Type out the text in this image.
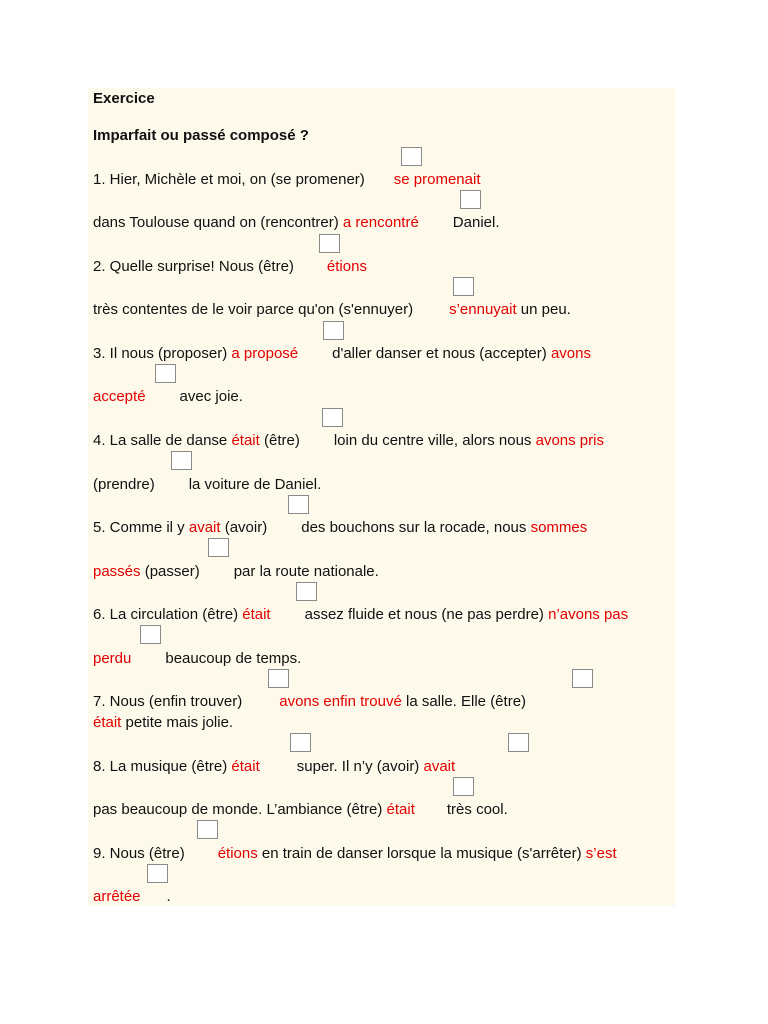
Exercice
Imparfait ou passé composé ?
1. Hier, Michèle et moi, on (se promener) se promenait
dans Toulouse quand on (rencontrer) a rencontré Daniel.
2. Quelle surprise! Nous (être) étions
très contentes de le voir parce qu'on (s'ennuyer) s’ennuyait un peu.
3. Il nous (proposer) a proposé d'aller danser et nous (accepter) avons
accepté avec joie.
4. La salle de danse était (être) loin du centre ville, alors nous avons pris
(prendre) la voiture de Daniel.
5. Comme il y avait (avoir) des bouchons sur la rocade, nous sommes
passés (passer) par la route nationale.
6. La circulation (être) était assez fluide et nous (ne pas perdre) n’avons pas
perdu beaucoup de temps.
7. Nous (enfin trouver) avons enfin trouvé la salle. Elle (être)
était petite mais jolie.
8. La musique (être) était super. Il n’y (avoir) avait
pas beaucoup de monde. L’ambiance (être) était très cool.
9. Nous (être) étions en train de danser lorsque la musique (s'arrêter) s’est
arrêtée .
